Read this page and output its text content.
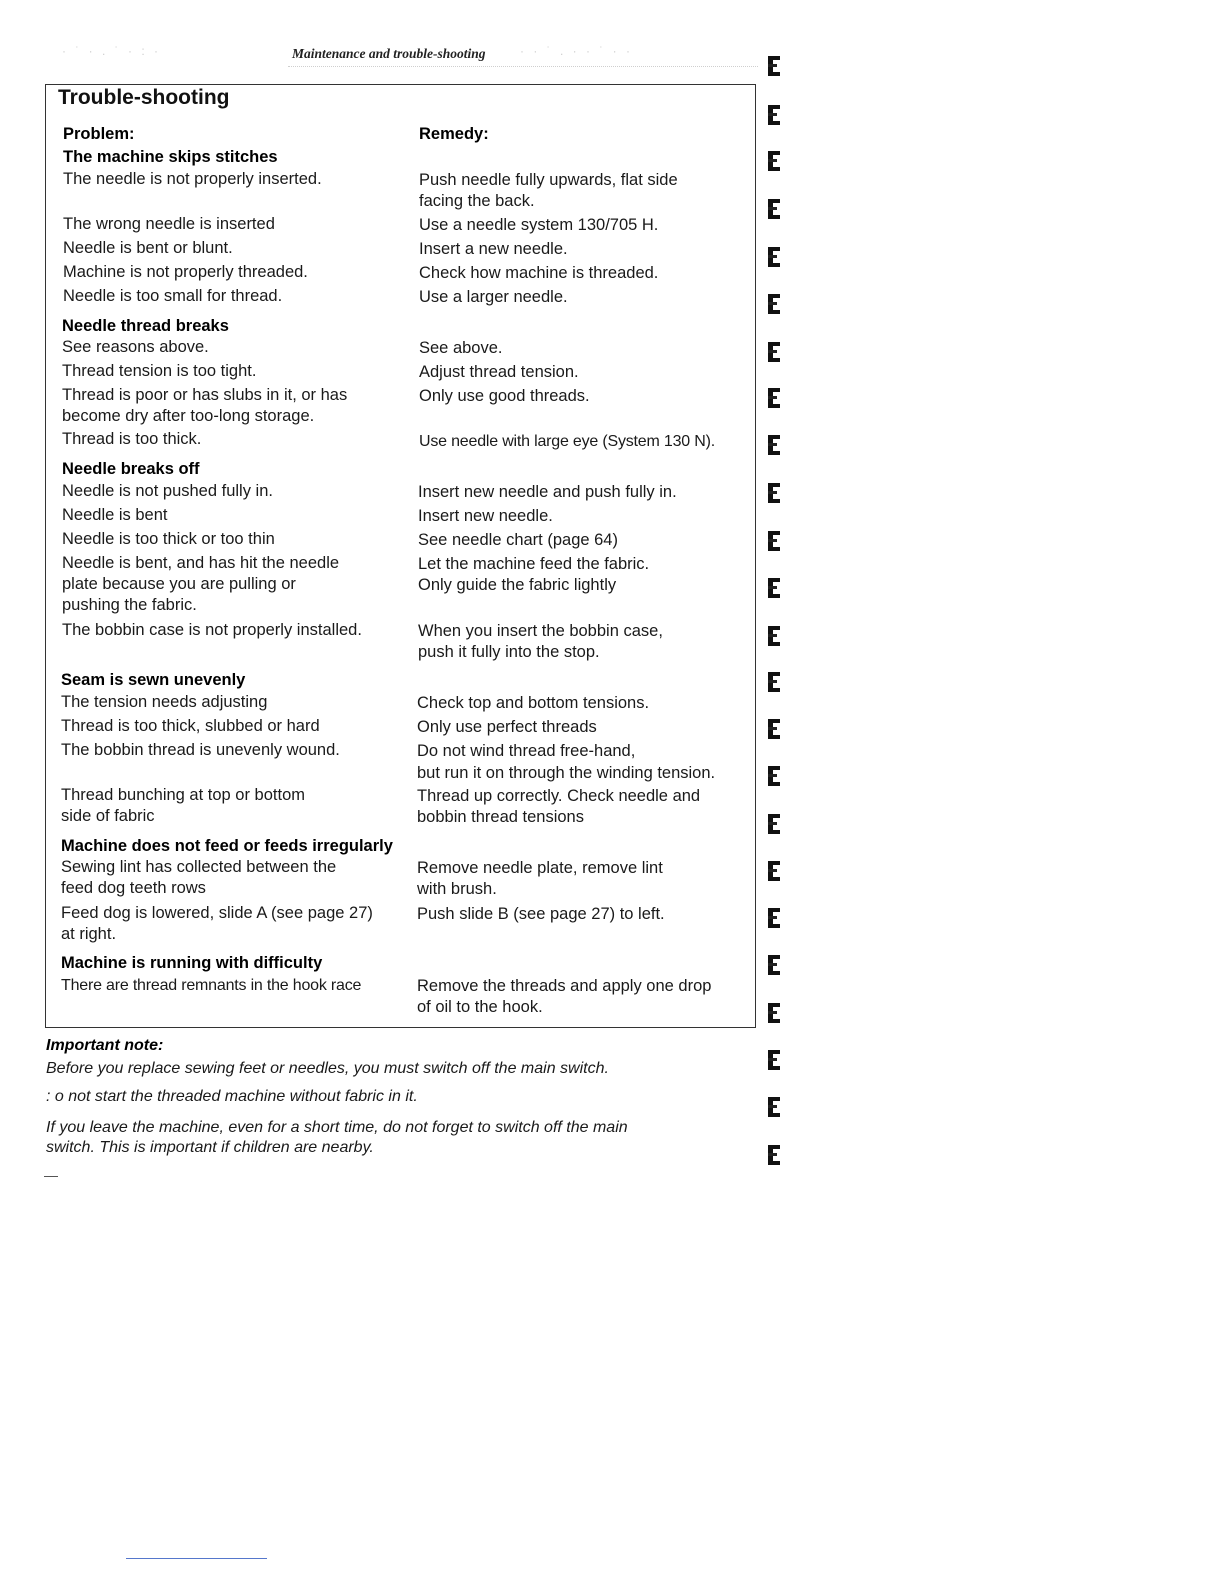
· ˙ · . ˙ · : ·	Maintenance and trouble-shooting	· · ˙ . · · ˙ · ·
Trouble-shooting
Problem:	Remedy:
The machine skips stitches
The needle is not properly inserted.	Push needle fully upwards, flat side
facing the back.
The wrong needle is inserted	Use a needle system 130/705 H.
Needle is bent or blunt.	Insert a new needle.
Machine is not properly threaded.	Check how machine is threaded.
Needle is too small for thread.	Use a larger needle.
Needle thread breaks
See reasons above.	See above.
Thread tension is too tight.	Adjust thread tension.
Thread is poor or has slubs in it, or has	Only use good threads.
become dry after too-long storage.
Thread is too thick.	Use needle with large eye (System 130 N).
Needle breaks off
Needle is not pushed fully in.	Insert new needle and push fully in.
Needle is bent	Insert new needle.
Needle is too thick or too thin	See needle chart (page 64)
Needle is bent, and has hit the needle	Let the machine feed the fabric.
plate because you are pulling or	Only guide the fabric lightly
pushing the fabric.
The bobbin case is not properly installed.	When you insert the bobbin case,
push it fully into the stop.
Seam is sewn unevenly
The tension needs adjusting	Check top and bottom tensions.
Thread is too thick, slubbed or hard	Only use perfect threads
The bobbin thread is unevenly wound.	Do not wind thread free-hand,
but run it on through the winding tension.
Thread bunching at top or bottom	Thread up correctly. Check needle and
side of fabric	bobbin thread tensions
Machine does not feed or feeds irregularly
Sewing lint has collected between the	Remove needle plate, remove lint
feed dog teeth rows	with brush.
Feed dog is lowered, slide A (see page 27)	Push slide B (see page 27) to left.
at right.
Machine is running with difficulty
There are thread remnants in the hook race	Remove the threads and apply one drop
of oil to the hook.
Important note:
Before you replace sewing feet or needles, you must switch off the main switch.
: o not start the threaded machine without fabric in it.
If you leave the machine, even for a short time, do not forget to switch off the main
switch. This is important if children are nearby.
